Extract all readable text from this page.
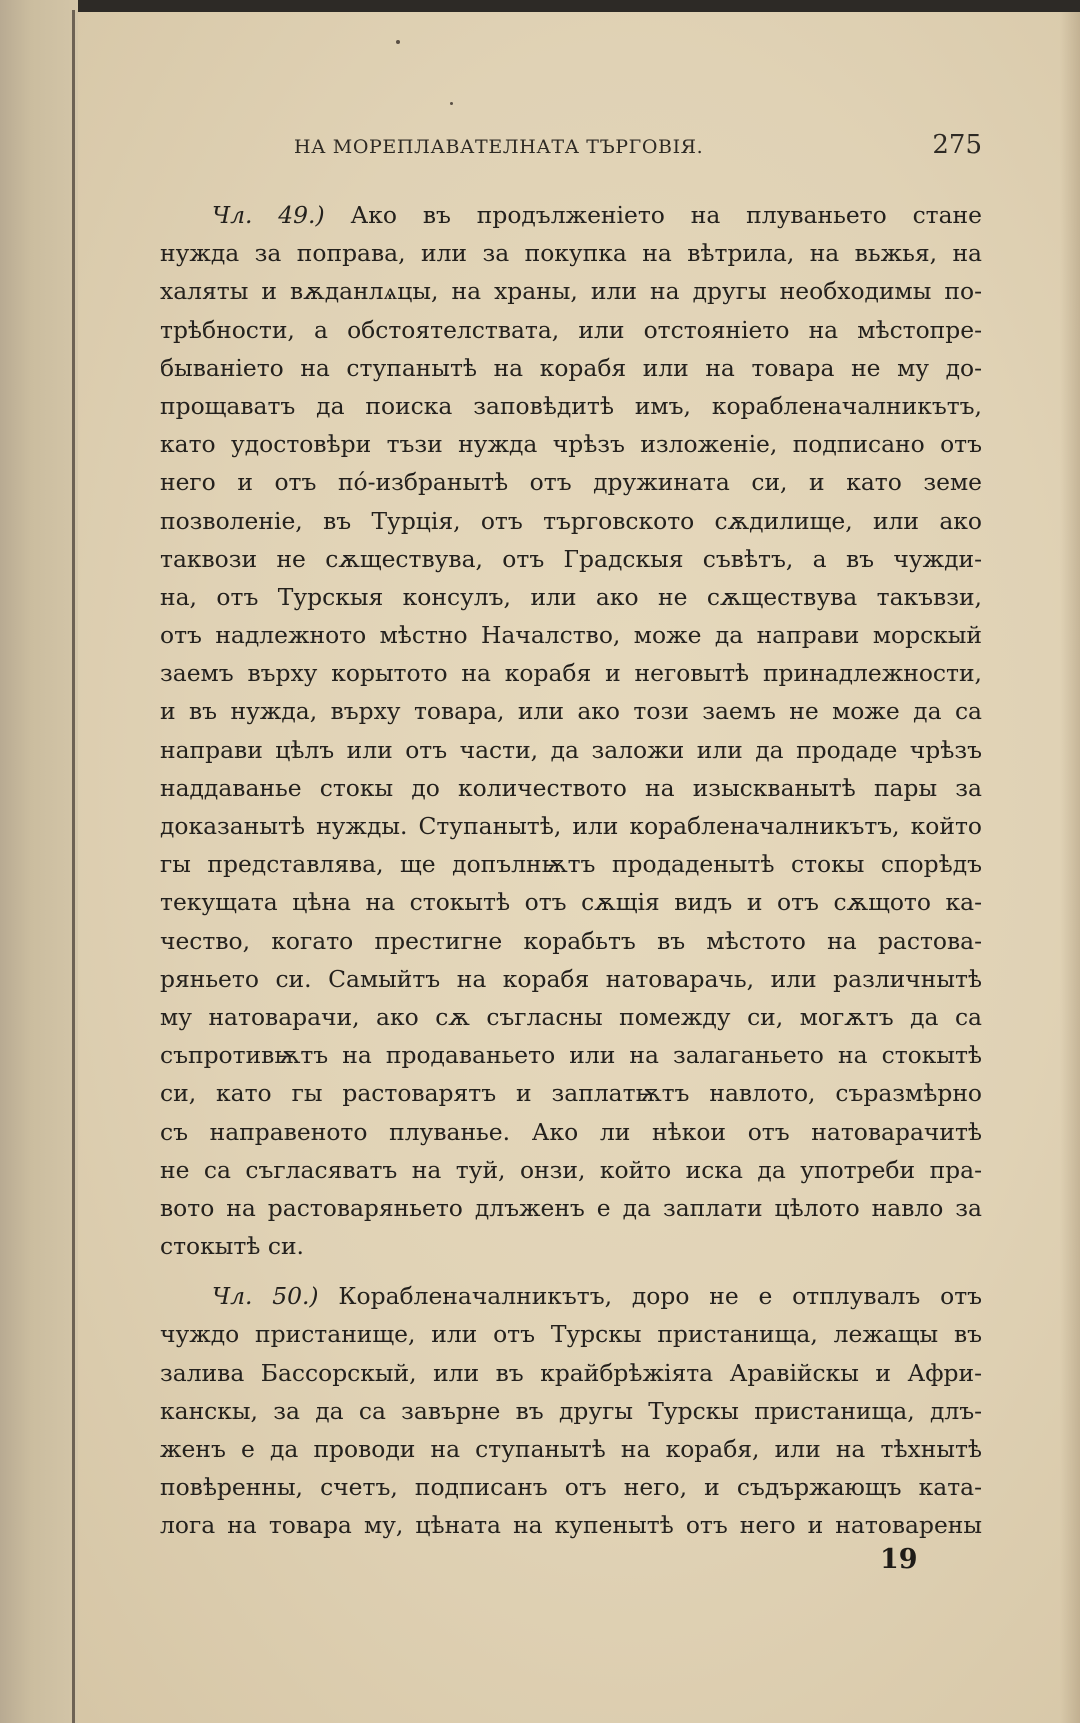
НА МОРЕПЛАВАТЕЛНАТА ТЪРГОВІЯ.	275
Чл. 49.) Ако въ продълженіето на плуваньето стане
нужда за поправа, или за покупка на вѣтрила, на вьжья, на
халяты и вѫданлѧцы, на храны, или на другы необходимы по-
трѣбности, а обстоятелствата, или отстояніето на мѣстопре-
бываніето на ступанытѣ на корабя или на товара не му до-
прощаватъ да поиска заповѣдитѣ имъ, корабленачалникътъ,
като удостовѣри тъзи нужда чрѣзъ изложеніе, подписано отъ
него и отъ по́-избранытѣ отъ дружината си, и като земе
позволеніе, въ Турція, отъ търговското сѫдилище, или ако
таквози не сѫществува, отъ Градскыя съвѣтъ, а въ чужди-
на, отъ Турскыя консулъ, или ако не сѫществува такъвзи,
отъ надлежното мѣстно Началство, може да направи морскый
заемъ върху корытото на корабя и неговытѣ принадлежности,
и въ нужда, върху товара, или ако този заемъ не може да са
направи цѣлъ или отъ части, да заложи или да продаде чрѣзъ
наддаванье стокы до количеството на изыскванытѣ пары за
доказанытѣ нужды. Ступанытѣ, или корабленачалникътъ, който
гы представлява, ще допълнѭтъ продаденытѣ стокы спорѣдъ
текущата цѣна на стокытѣ отъ сѫщія видъ и отъ сѫщото ка-
чество, когато престигне корабьтъ въ мѣстото на растова-
ряньето си. Самыйтъ на корабя натоварачь, или различнытѣ
му натоварачи, ако сѫ съгласны помежду си, могѫтъ да са
съпротивѭтъ на продаваньето или на залаганьето на стокытѣ
си, като гы растоварятъ и заплатѭтъ навлото, съразмѣрно
съ направеното плуванье. Ако ли нѣкои отъ натоварачитѣ
не са съгласяватъ на туй, онзи, който иска да употреби пра-
вото на растоваряньето длъженъ е да заплати цѣлото навло за
стокытѣ си.
Чл. 50.) Корабленачалникътъ, доро не е отплувалъ отъ
чуждо пристанище, или отъ Турскы пристанища, лежащы въ
залива Бассорскый, или въ крайбрѣжіята Аравійскы и Афри-
канскы, за да са завърне въ другы Турскы пристанища, длъ-
женъ е да проводи на ступанытѣ на корабя, или на тѣхнытѣ
повѣренны, счетъ, подписанъ отъ него, и съдържающъ ката-
лога на товара му, цѣната на купенытѣ отъ него и натоварены
19
